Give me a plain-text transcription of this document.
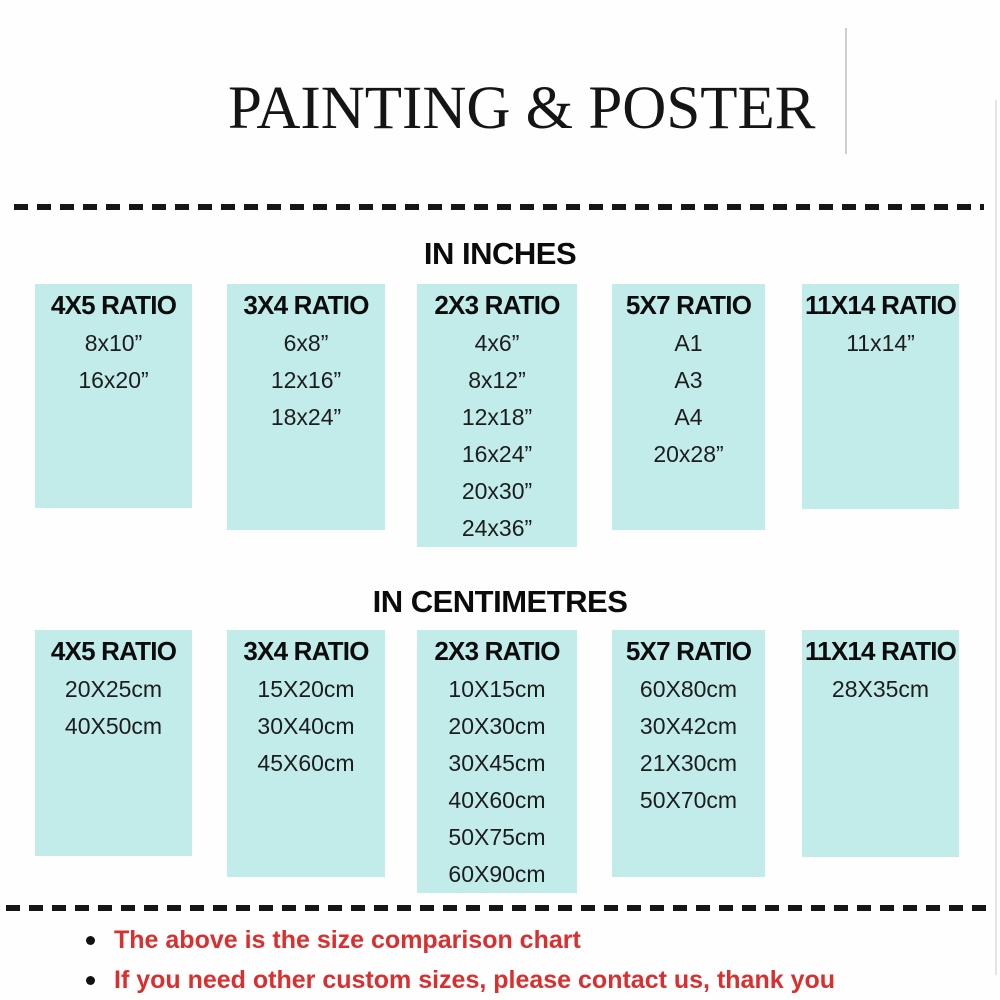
PAINTING & POSTER
IN INCHES
4X5 RATIO
8x10”
16x20”
3X4 RATIO
6x8”
12x16”
18x24”
2X3 RATIO
4x6”
8x12”
12x18”
16x24”
20x30”
24x36”
5X7 RATIO
A1
A3
A4
20x28”
11X14 RATIO
11x14”
IN CENTIMETRES
4X5 RATIO
20X25cm
40X50cm
3X4 RATIO
15X20cm
30X40cm
45X60cm
2X3 RATIO
10X15cm
20X30cm
30X45cm
40X60cm
50X75cm
60X90cm
5X7 RATIO
60X80cm
30X42cm
21X30cm
50X70cm
11X14 RATIO
28X35cm
The above is the size comparison chart
If you need other custom sizes, please contact us, thank you
